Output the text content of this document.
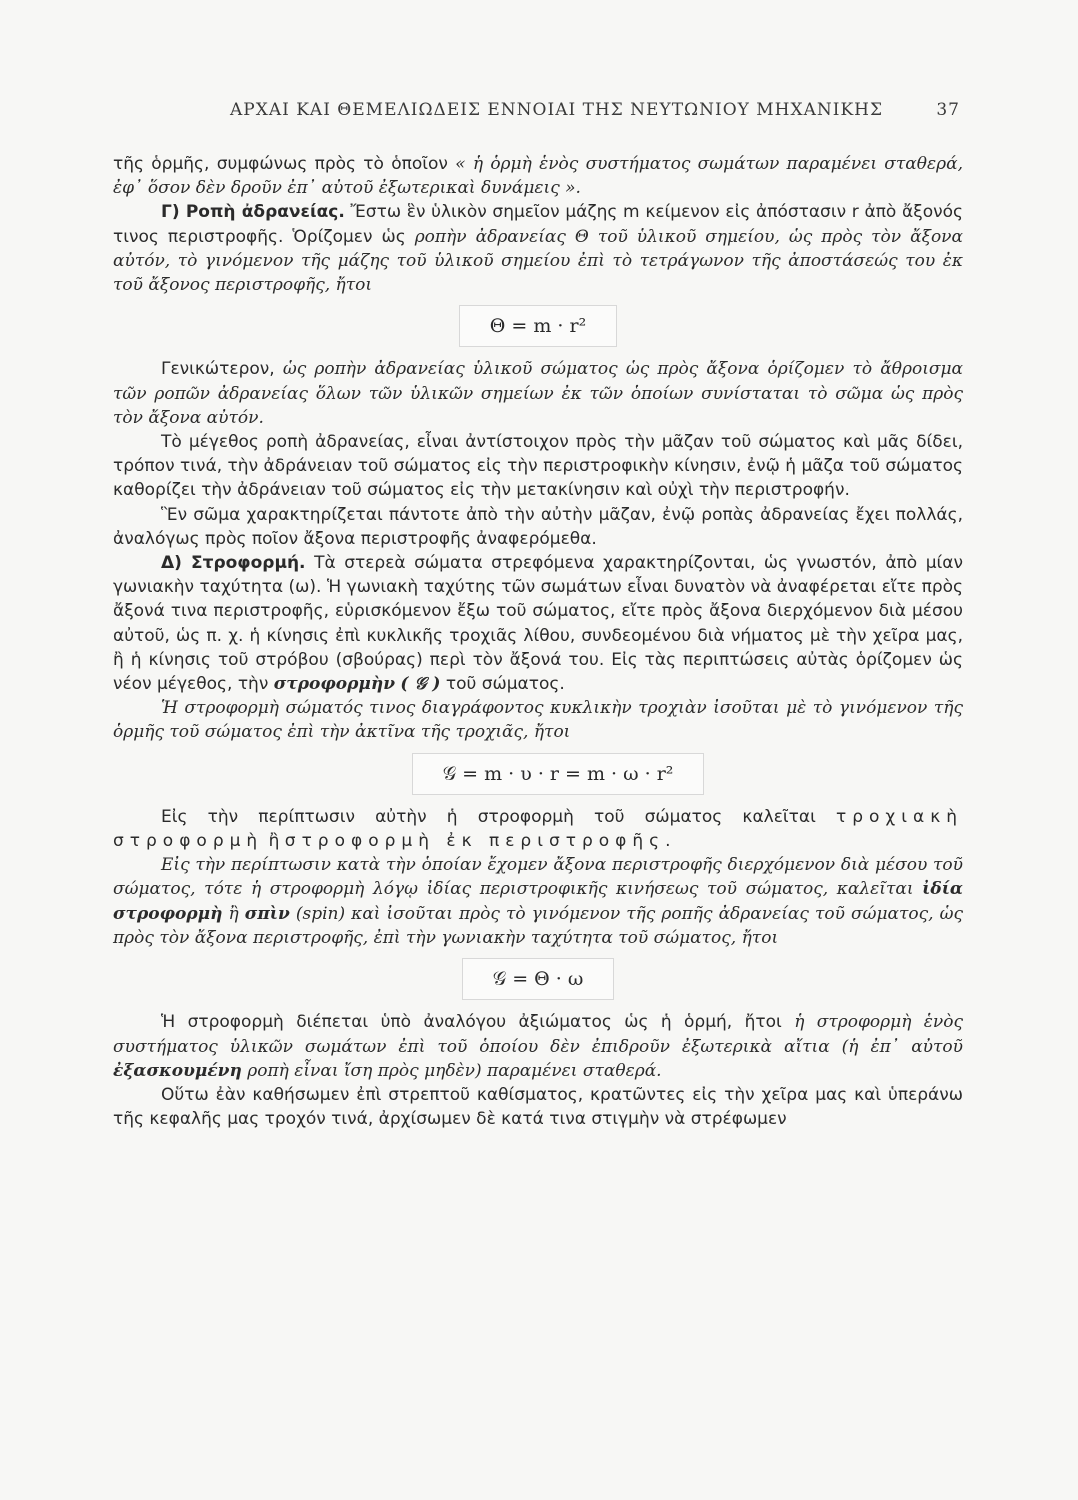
ΑΡΧΑΙ ΚΑΙ ΘΕΜΕΛΙΩΔΕΙΣ ΕΝΝΟΙΑΙ ΤΗΣ ΝΕΥΤΩΝΙΟΥ ΜΗΧΑΝΙΚΗΣ	37

τῆς ὁρμῆς, συμφώνως πρὸς τὸ ὁποῖον « ἡ ὁρμὴ ἑνὸς συστήματος σωμάτων παραμένει σταθερά, ἐφ᾿ ὅσον δὲν δροῦν ἐπ᾿ αὐτοῦ ἐξωτερικαὶ δυνάμεις ».

Γ) Ροπὴ ἀδρανείας. Ἔστω ἓν ὑλικὸν σημεῖον μάζης m κείμενον εἰς ἀπόστασιν r ἀπὸ ἄξονός τινος περιστροφῆς. Ὁρίζομεν ὡς ροπὴν ἀδρανείας Θ τοῦ ὑλικοῦ σημείου, ὡς πρὸς τὸν ἄξονα αὐτόν, τὸ γινόμενον τῆς μάζης τοῦ ὑλικοῦ σημείου ἐπὶ τὸ τετράγωνον τῆς ἀποστάσεώς του ἐκ τοῦ ἄξονος περιστροφῆς, ἤτοι

Θ = m · r²

Γενικώτερον, ὡς ροπὴν ἀδρανείας ὑλικοῦ σώματος ὡς πρὸς ἄξονα ὁρίζομεν τὸ ἄθροισμα τῶν ροπῶν ἀδρανείας ὅλων τῶν ὑλικῶν σημείων ἐκ τῶν ὁποίων συνίσταται τὸ σῶμα ὡς πρὸς τὸν ἄξονα αὐτόν.

Τὸ μέγεθος ροπὴ ἀδρανείας, εἶναι ἀντίστοιχον πρὸς τὴν μᾶζαν τοῦ σώματος καὶ μᾶς δίδει, τρόπον τινά, τὴν ἀδράνειαν τοῦ σώματος εἰς τὴν περιστροφικὴν κίνησιν, ἐνῷ ἡ μᾶζα τοῦ σώματος καθορίζει τὴν ἀδράνειαν τοῦ σώματος εἰς τὴν μετακίνησιν καὶ οὐχὶ τὴν περιστροφήν.

Ἓν σῶμα χαρακτηρίζεται πάντοτε ἀπὸ τὴν αὐτὴν μᾶζαν, ἐνῷ ροπὰς ἀδρανείας ἔχει πολλάς, ἀναλόγως πρὸς ποῖον ἄξονα περιστροφῆς ἀναφερόμεθα.

Δ) Στροφορμή. Τὰ στερεὰ σώματα στρεφόμενα χαρακτηρίζονται, ὡς γνωστόν, ἀπὸ μίαν γωνιακὴν ταχύτητα (ω). Ἡ γωνιακὴ ταχύτης τῶν σωμάτων εἶναι δυνατὸν νὰ ἀναφέρεται εἴτε πρὸς ἄξονά τινα περιστροφῆς, εὑρισκόμενον ἔξω τοῦ σώματος, εἴτε πρὸς ἄξονα διερχόμενον διὰ μέσου αὐτοῦ, ὡς π. χ. ἡ κίνησις ἐπὶ κυκλικῆς τροχιᾶς λίθου, συνδεομένου διὰ νήματος μὲ τὴν χεῖρα μας, ἢ ἡ κίνησις τοῦ στρόβου (σβούρας) περὶ τὸν ἄξονά του. Εἰς τὰς περιπτώσεις αὐτὰς ὁρίζομεν ὡς νέον μέγεθος, τὴν στροφορμὴν ( 𝒢 ) τοῦ σώματος.

Ἡ στροφορμὴ σώματός τινος διαγράφοντος κυκλικὴν τροχιὰν ἰσοῦται μὲ τὸ γινόμενον τῆς ὁρμῆς τοῦ σώματος ἐπὶ τὴν ἀκτῖνα τῆς τροχιᾶς, ἤτοι

𝒢 = m · υ · r = m · ω · r²

Εἰς τὴν περίπτωσιν αὐτὴν ἡ στροφορμὴ τοῦ σώματος καλεῖται τροχιακὴ στροφορμὴ ἢ στροφορμὴ ἐκ περιστροφῆς.

Εἰς τὴν περίπτωσιν κατὰ τὴν ὁποίαν ἔχομεν ἄξονα περιστροφῆς διερχόμενον διὰ μέσου τοῦ σώματος, τότε ἡ στροφορμὴ λόγῳ ἰδίας περιστροφικῆς κινήσεως τοῦ σώματος, καλεῖται ἰδία στροφορμὴ ἢ σπὶν (spin) καὶ ἰσοῦται πρὸς τὸ γινόμενον τῆς ροπῆς ἀδρανείας τοῦ σώματος, ὡς πρὸς τὸν ἄξονα περιστροφῆς, ἐπὶ τὴν γωνιακὴν ταχύτητα τοῦ σώματος, ἤτοι

𝒢 = Θ · ω

Ἡ στροφορμὴ διέπεται ὑπὸ ἀναλόγου ἀξιώματος ὡς ἡ ὁρμή, ἤτοι ἡ στροφορμὴ ἑνὸς συστήματος ὑλικῶν σωμάτων ἐπὶ τοῦ ὁποίου δὲν ἐπιδροῦν ἐξωτερικὰ αἴτια (ἡ ἐπ᾿ αὐτοῦ ἐξασκουμένη ροπὴ εἶναι ἴση πρὸς μηδὲν) παραμένει σταθερά.

Οὕτω ἐὰν καθήσωμεν ἐπὶ στρεπτοῦ καθίσματος, κρατῶντες εἰς τὴν χεῖρα μας καὶ ὑπεράνω τῆς κεφαλῆς μας τροχόν τινά, ἀρχίσωμεν δὲ κατά τινα στιγμὴν νὰ στρέφωμεν
